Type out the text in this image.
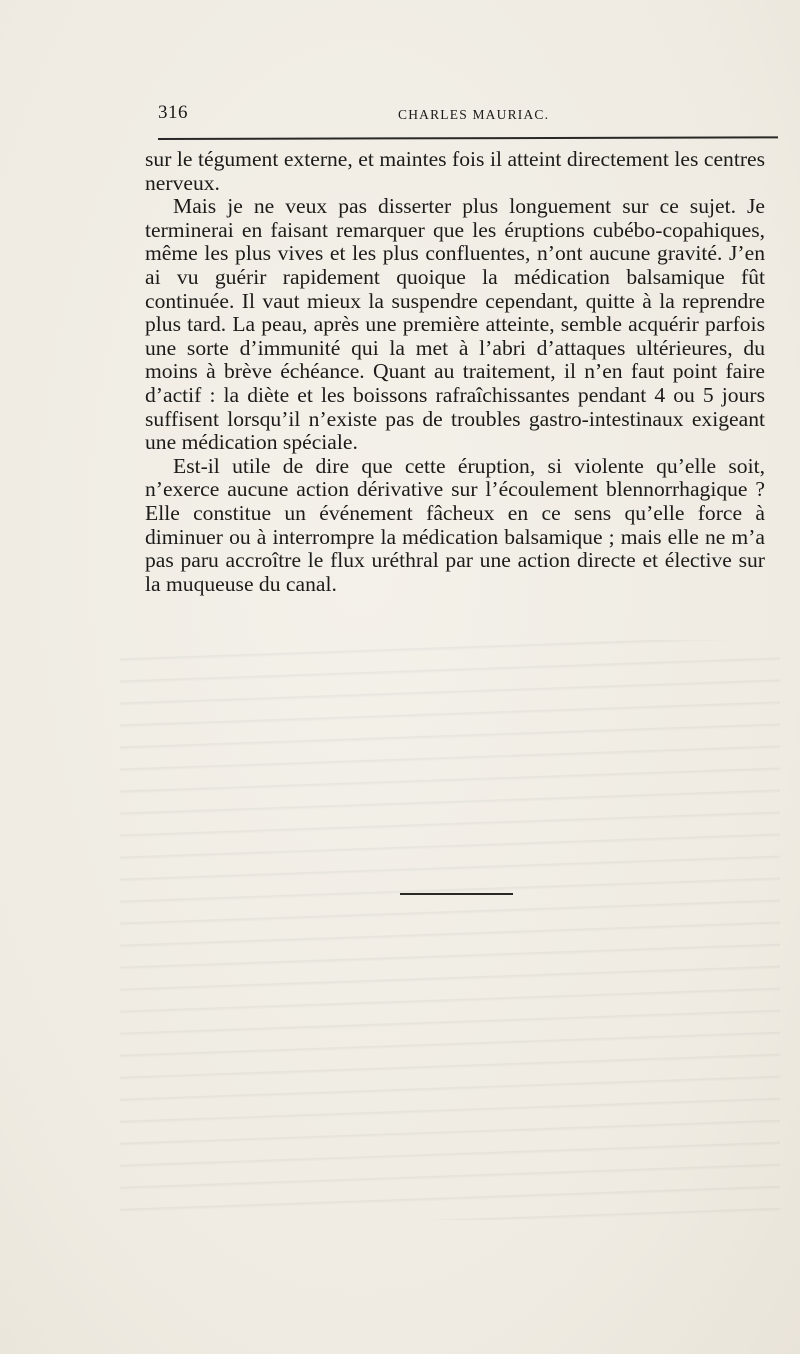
316	CHARLES MAURIAC.

sur le tégument externe, et maintes fois il atteint directement les centres nerveux.

Mais je ne veux pas disserter plus longuement sur ce sujet. Je terminerai en faisant remarquer que les éruptions cubébo-copahiques, même les plus vives et les plus confluentes, n’ont aucune gravité. J’en ai vu guérir rapidement quoique la médication balsamique fût continuée. Il vaut mieux la suspendre cependant, quitte à la reprendre plus tard. La peau, après une première atteinte, semble acquérir parfois une sorte d’immunité qui la met à l’abri d’attaques ultérieures, du moins à brève échéance. Quant au traitement, il n’en faut point faire d’actif : la diète et les boissons rafraîchissantes pendant 4 ou 5 jours suffisent lorsqu’il n’existe pas de troubles gastro-intestinaux exigeant une médication spéciale.

Est-il utile de dire que cette éruption, si violente qu’elle soit, n’exerce aucune action dérivative sur l’écoulement blennorrhagique ? Elle constitue un événement fâcheux en ce sens qu’elle force à diminuer ou à interrompre la médication balsamique ; mais elle ne m’a pas paru accroître le flux uréthral par une action directe et élective sur la muqueuse du canal.
